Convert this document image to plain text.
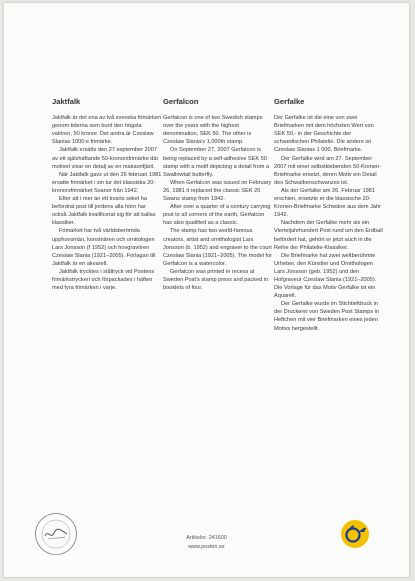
Jaktfalk

Jaktfalk är det ena av två svenska frimärken genom tiderna som burit den högsta valören, 50 kronor. Det andra är Czeslaw Slanias 1000:e frimärke.

Jaktfalk ersätts den 27 september 2007 av ett självhäftande 50-kronorsfrimärke där motivet visar en detalj av en makaonfjäril.

När Jaktfalk gavs ut den 26 februari 1981 ersatte frimärket i sin tur det klassiska 20-kronorsfrimärket Svanor från 1942.

Efter att i mer än ett kvarts sekel ha befordrat post till jordens alla hörn har också Jaktfalk kvalificerat sig för att kallas klassiker.

Frimärket har två världsberömda upphovsmän, konstnären och ornitologen Lars Jonsson (f 1952) och hovgravören Czeslaw Slania (1921–2005). Förlagan till Jaktfalk är en akvarell.

Jaktfalk trycktes i ståltryck vid Postens frimärkstryckeri och förpackades i häften med fyra frimärken i varje.

Gerfalcon

Gerfalcon is one of two Swedish stamps over the years with the highest denomination, SEK 50. The other is Czeslaw Slania's 1,000th stamp.

On September 27, 2007 Gerfalcon is being replaced by a self-adhesive SEK 50 stamp with a motif depicting a detail from a Swallowtail butterfly.

When Gerfalcon was issued on February 26, 1981 it replaced the classic SEK 20 Swans stamp from 1942.

After over a quarter of a century carrying post to all corners of the earth, Gerfalcon has also qualified as a classic.

The stamp has two world-famous creators, artist and ornithologist Lars Jonsson (b. 1952) and engraver to the court Czeslaw Slania (1921–2005). The model for Gerfalcon is a watercolor.

Gerfalcon was printed in recess at Sweden Post's stamp press and packed in booklets of four.

Gerfalke

Der Gerfalke ist die eine von zwei Briefmarken mit dem höchsten Wert von SEK 50,- in der Geschichte der schwedischen Philatelie. Die andere ist Czeslaw Slanias 1 000. Briefmarke.

Der Gerfalke wird am 27. September 2007 mit einer selbstklebenden 50-Kronen-Briefmarke ersetzt, deren Motiv ein Detail des Schwalbenschwanzes ist.

Als der Gerfalke am 26. Februar 1981 erschien, ersetzte er die klassische 20-Kronen-Briefmarke Schwäne aus dem Jahr 1942.

Nachdem der Gerfalke mehr als ein Vierteljahrhundert Post rund um den Erdball befördert hat, gehört er jetzt auch in die Reihe der Philatelie-Klassiker.

Die Briefmarke hat zwei weltberühmte Urheber, den Künstler und Ornithologen Lars Jonsson (geb. 1952) und den Hofgraveur Czeslaw Slania (1921–2005). Die Vorlage für das Motiv Gerfalke ist ein Aquarell.

Der Gerfalke wurde im Stichtiefdruck in der Druckerei von Sweden Post Stamps in Heftchen mit vier Briefmarken eines jeden Motivs hergestellt.

Artikelnr. 241600
www.posten.se
